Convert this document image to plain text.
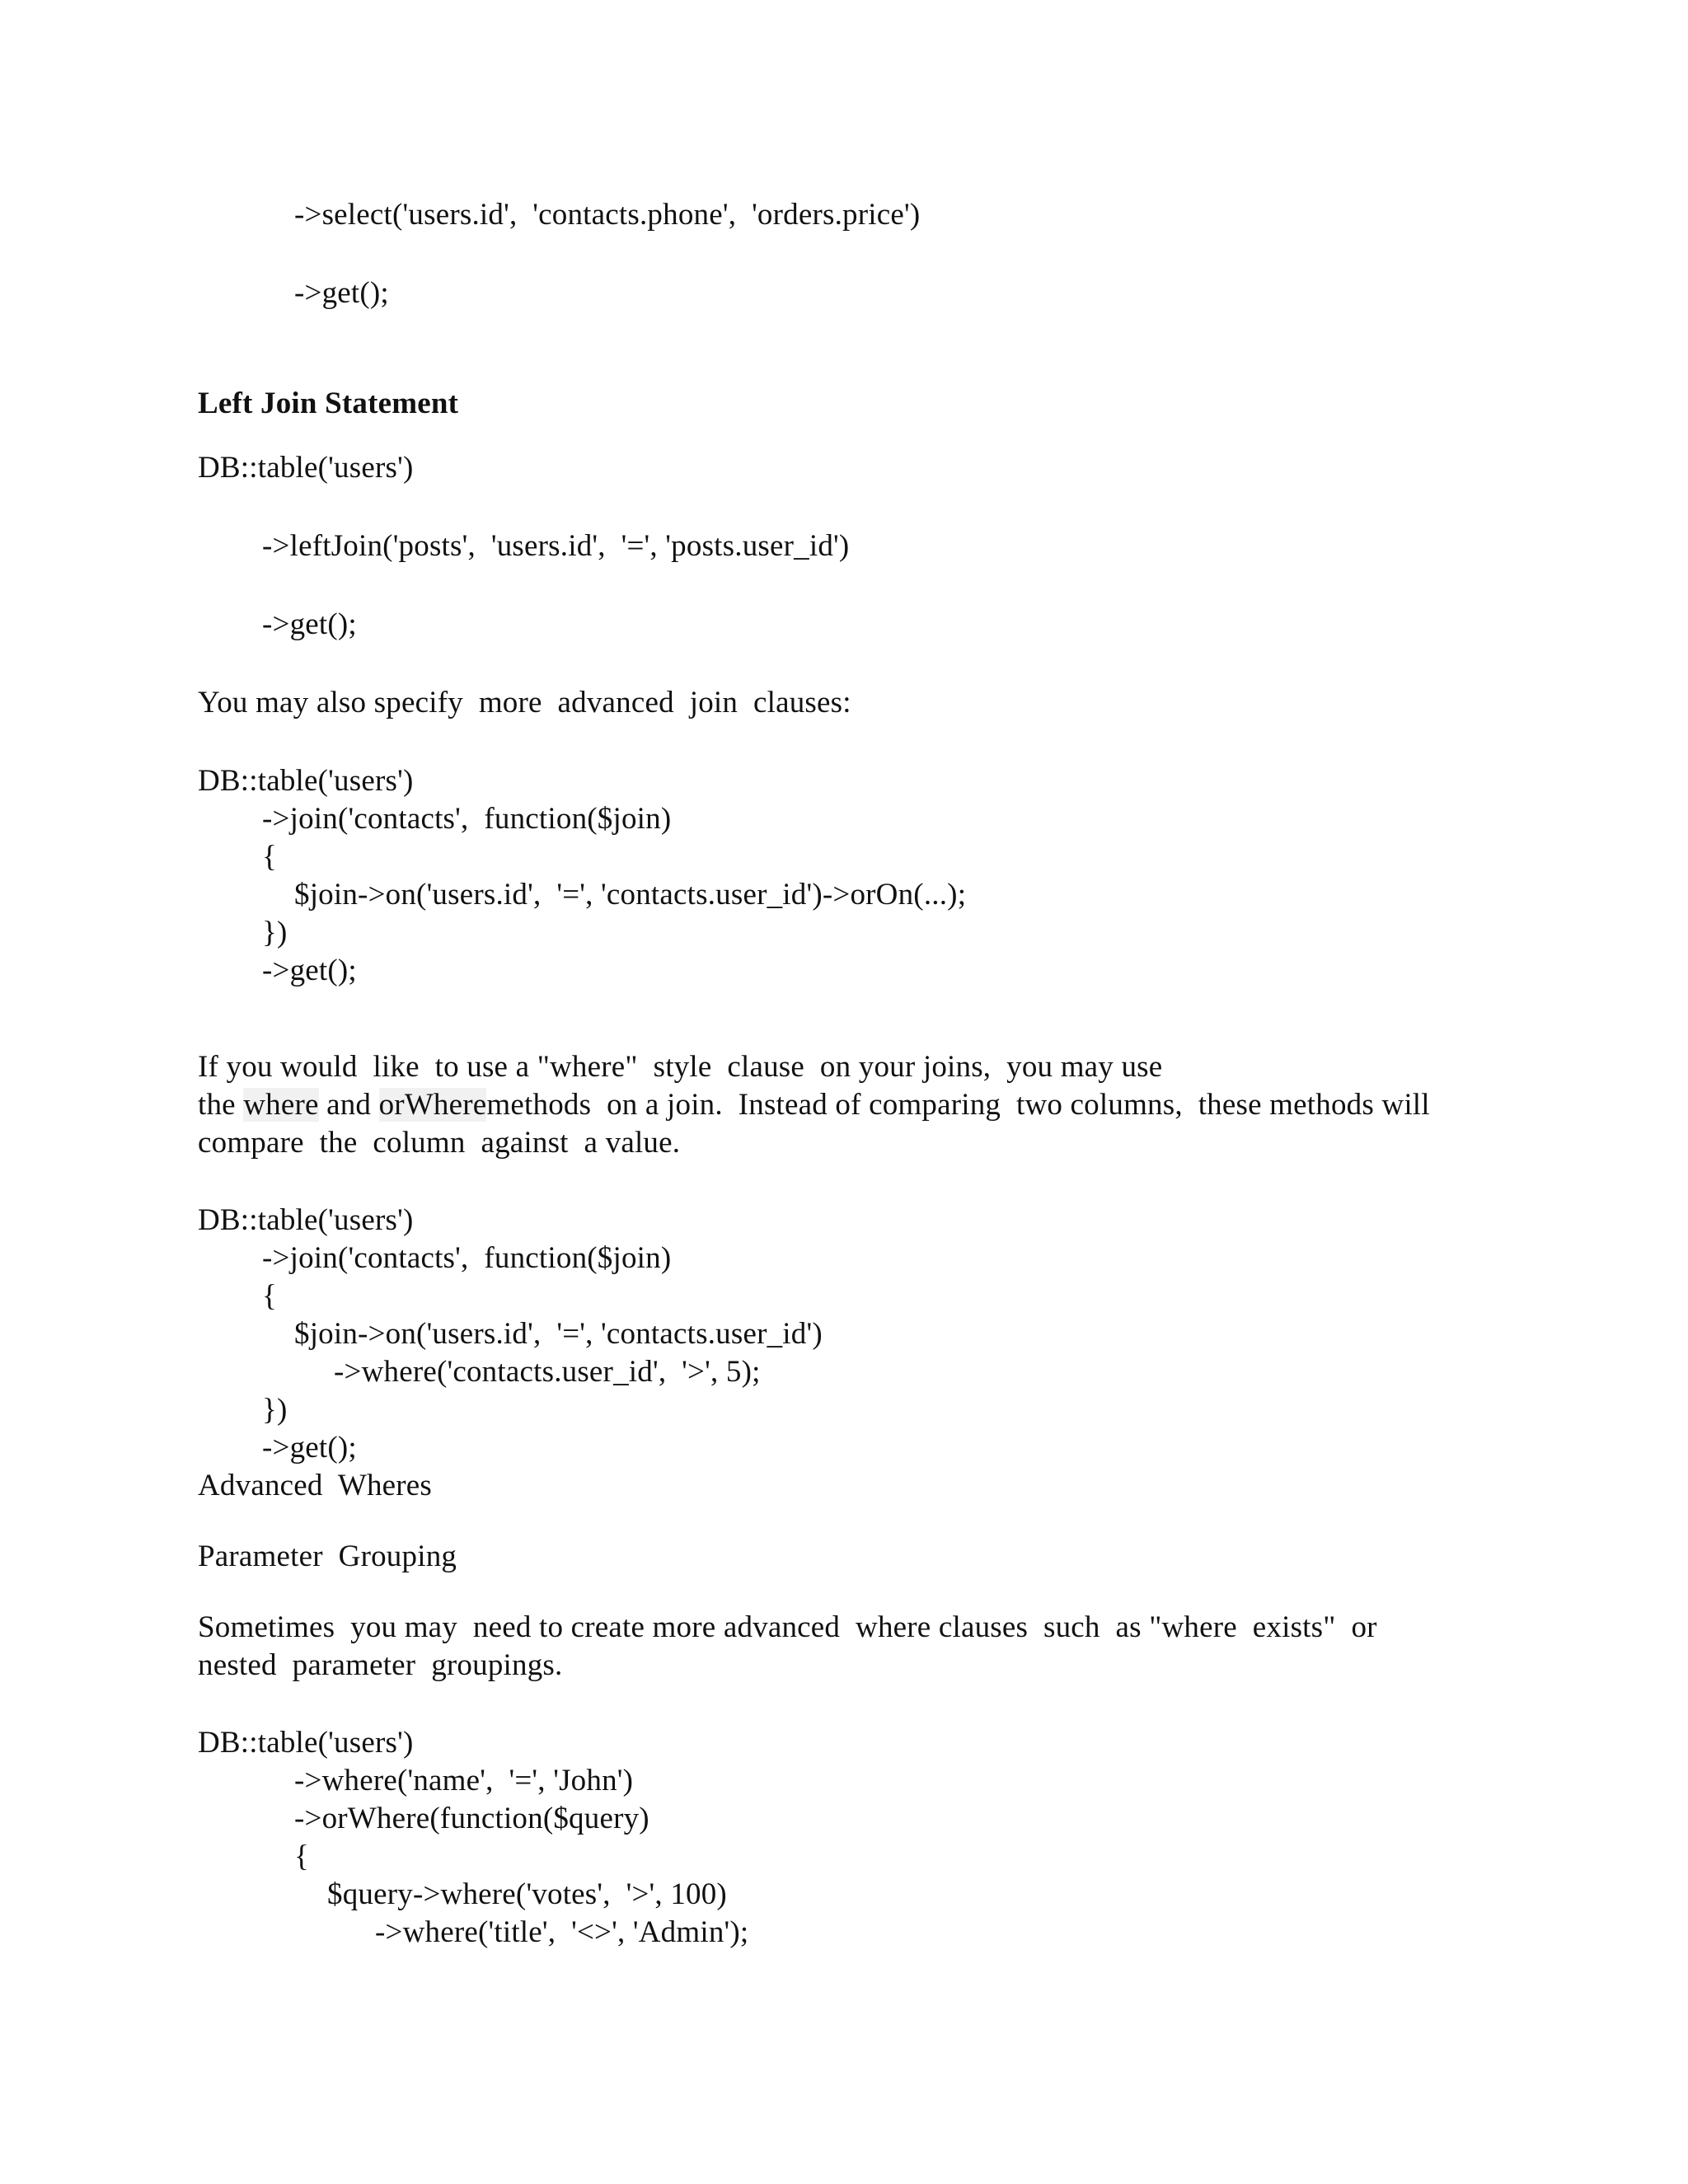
->select('users.id',  'contacts.phone',  'orders.price')
->get();
Left Join Statement
DB::table('users')
->leftJoin('posts',  'users.id',  '=', 'posts.user_id')
->get();
You may also specify  more  advanced  join  clauses:
DB::table('users')
->join('contacts',  function($join)
{
$join->on('users.id',  '=', 'contacts.user_id')->orOn(...);
})
->get();
If you would  like  to use a "where"  style  clause  on your joins,  you may use
the where and orWheremethods  on a join.  Instead of comparing  two columns,  these methods will
compare  the  column  against  a value.
DB::table('users')
->join('contacts',  function($join)
{
$join->on('users.id',  '=', 'contacts.user_id')
->where('contacts.user_id',  '>', 5);
})
->get();
Advanced  Wheres
Parameter  Grouping
Sometimes  you may  need to create more advanced  where clauses  such  as "where  exists"  or
nested  parameter  groupings.
DB::table('users')
->where('name',  '=', 'John')
->orWhere(function($query)
{
$query->where('votes',  '>', 100)
->where('title',  '<>', 'Admin');
